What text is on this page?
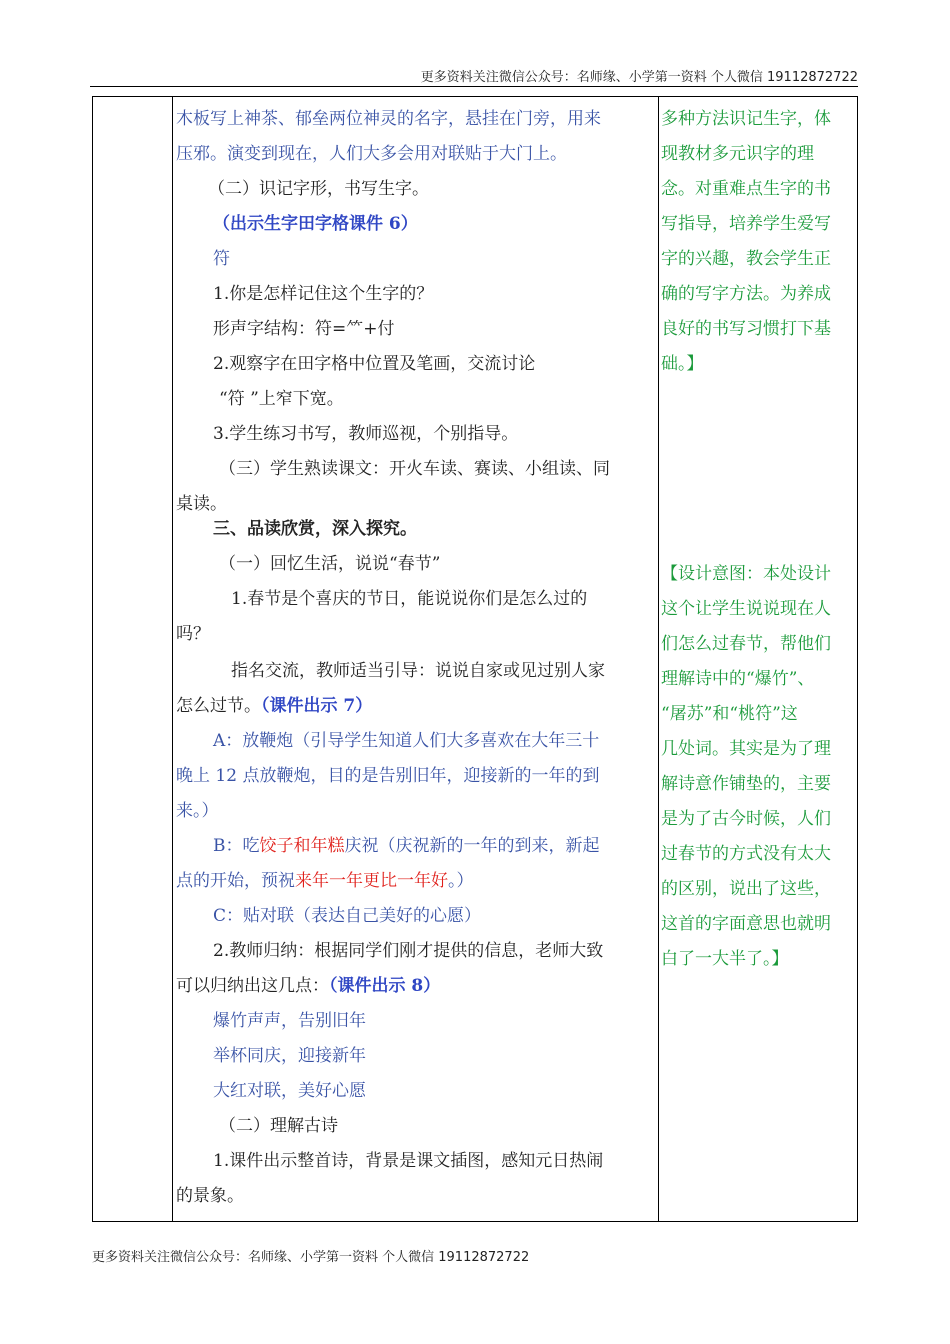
更多资料关注微信公众号：名师缘、小学第一资料 个人微信 19112872722
木板写上神茶、郁垒两位神灵的名字，悬挂在门旁，用来
压邪。演变到现在，人们大多会用对联贴于大门上。
（二）识记字形，书写生字。
（出示生字田字格课件 6）
符
1.你是怎样记住这个生字的？
形声字结构：符=⺮+付
2.观察字在田字格中位置及笔画，交流讨论
“符 ”上窄下宽。
3.学生练习书写，教师巡视，个别指导。
（三）学生熟读课文：开火车读、赛读、小组读、同
桌读。
三、品读欣赏，深入探究。
（一）回忆生活，说说“春节”
1.春节是个喜庆的节日，能说说你们是怎么过的
吗？
指名交流，教师适当引导：说说自家或见过别人家
怎么过节。（课件出示 7）
A：放鞭炮（引导学生知道人们大多喜欢在大年三十
晚上 12 点放鞭炮，目的是告别旧年，迎接新的一年的到
来。）
B：吃饺子和年糕庆祝（庆祝新的一年的到来，新起
点的开始，预祝来年一年更比一年好。）
C：贴对联（表达自己美好的心愿）
2.教师归纳：根据同学们刚才提供的信息，老师大致
可以归纳出这几点：（课件出示 8）
爆竹声声，告别旧年
举杯同庆，迎接新年
大红对联，美好心愿
（二）理解古诗
1.课件出示整首诗，背景是课文插图，感知元日热闹
的景象。
多种方法识记生字，体
现教材多元识字的理
念。对重难点生字的书
写指导，培养学生爱写
字的兴趣，教会学生正
确的写字方法。为养成
良好的书写习惯打下基
础。】
【设计意图：本处设计
这个让学生说说现在人
们怎么过春节，帮他们
理解诗中的“爆竹”、
“屠苏”和“桃符”这
几处词。其实是为了理
解诗意作铺垫的，主要
是为了古今时候，人们
过春节的方式没有太大
的区别，说出了这些，
这首的字面意思也就明
白了一大半了。】
更多资料关注微信公众号：名师缘、小学第一资料 个人微信 19112872722
